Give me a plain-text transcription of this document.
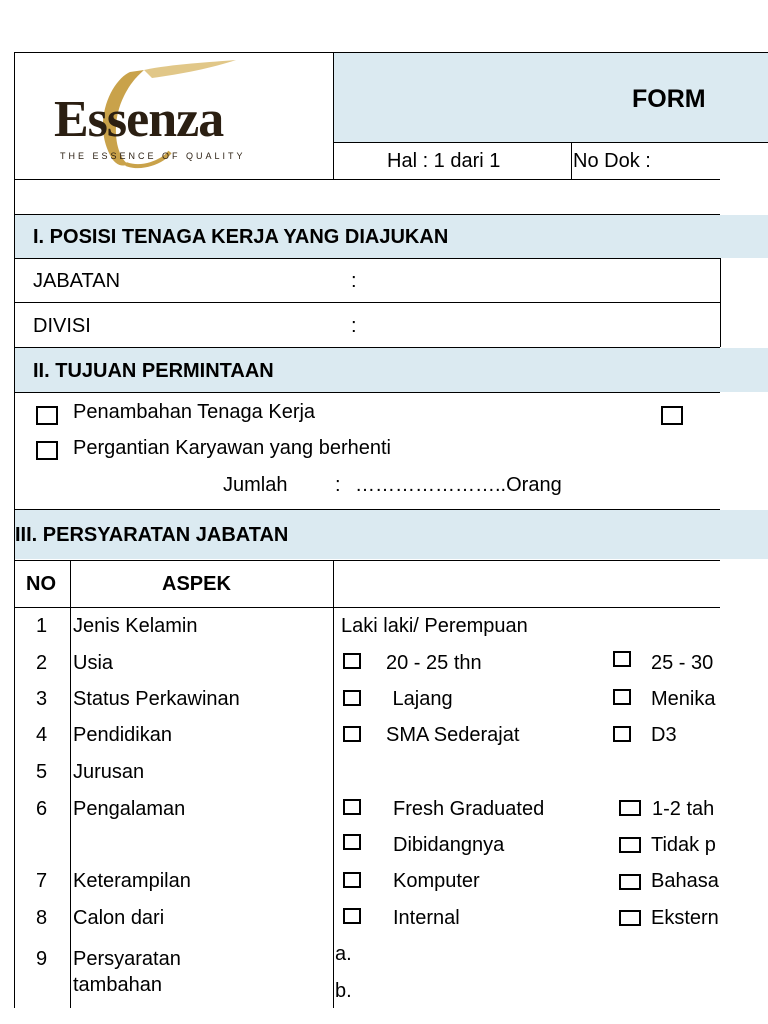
Essenza
THE ESSENCE OF QUALITY
FORM
Hal : 1 dari 1	No Dok :
I. POSISI TENAGA KERJA YANG DIAJUKAN
JABATAN	:
DIVISI	:
II. TUJUAN PERMINTAAN
Penambahan Tenaga Kerja
Pergantian Karyawan yang berhenti
Jumlah : …………………..Orang
III. PERSYARATAN JABATAN
NO	ASPEK
1 Jenis Kelamin	Laki laki/ Perempuan
2 Usia	20 - 25 thn	25 - 30
3 Status Perkawinan	Lajang	Menika
4 Pendidikan	SMA Sederajat	D3
5 Jurusan
6 Pengalaman	Fresh Graduated	1-2 tah
Dibidangnya	Tidak p
7 Keterampilan	Komputer	Bahasa
8 Calon dari	Internal	Ekstern
9 Persyaratan
tambahan
a.
b.
